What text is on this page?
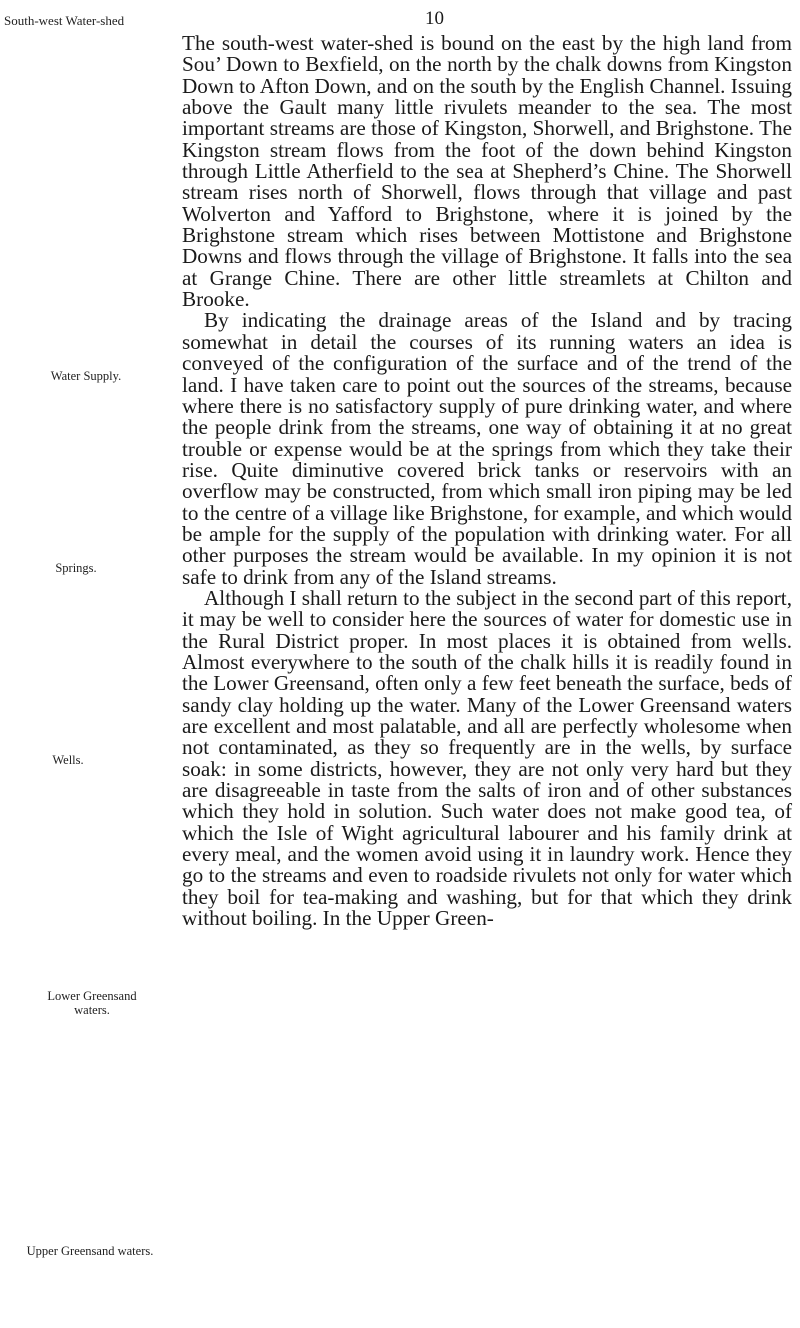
10
South-west Water-shed
Water Supply.
Springs.
Wells.
Lower Greensand waters.
Upper Greensand waters.

The south-west water-shed is bound on the east by the high land from Sou’ Down to Bexfield, on the north by the chalk downs from Kingston Down to Afton Down, and on the south by the English Channel. Issuing above the Gault many little rivulets meander to the sea. The most important streams are those of Kingston, Shorwell, and Brighstone. The Kingston stream flows from the foot of the down behind Kingston through Little Atherfield to the sea at Shepherd’s Chine. The Shorwell stream rises north of Shorwell, flows through that village and past Wolverton and Yafford to Brighstone, where it is joined by the Brighstone stream which rises between Mottistone and Brighstone Downs and flows through the village of Brighstone. It falls into the sea at Grange Chine. There are other little streamlets at Chilton and Brooke.

By indicating the drainage areas of the Island and by tracing somewhat in detail the courses of its running waters an idea is conveyed of the configuration of the surface and of the trend of the land. I have taken care to point out the sources of the streams, because where there is no satisfactory supply of pure drinking water, and where the people drink from the streams, one way of obtaining it at no great trouble or expense would be at the springs from which they take their rise. Quite diminutive covered brick tanks or reservoirs with an overflow may be constructed, from which small iron piping may be led to the centre of a village like Brighstone, for example, and which would be ample for the supply of the population with drinking water. For all other purposes the stream would be available. In my opinion it is not safe to drink from any of the Island streams.

Although I shall return to the subject in the second part of this report, it may be well to consider here the sources of water for domestic use in the Rural District proper. In most places it is obtained from wells. Almost everywhere to the south of the chalk hills it is readily found in the Lower Greensand, often only a few feet beneath the surface, beds of sandy clay holding up the water. Many of the Lower Greensand waters are excellent and most palatable, and all are perfectly wholesome when not contaminated, as they so frequently are in the wells, by surface soak: in some districts, however, they are not only very hard but they are disagreeable in taste from the salts of iron and of other substances which they hold in solution. Such water does not make good tea, of which the Isle of Wight agricultural labourer and his family drink at every meal, and the women avoid using it in laundry work. Hence they go to the streams and even to roadside rivulets not only for water which they boil for tea-making and washing, but for that which they drink without boiling. In the Upper Green-
